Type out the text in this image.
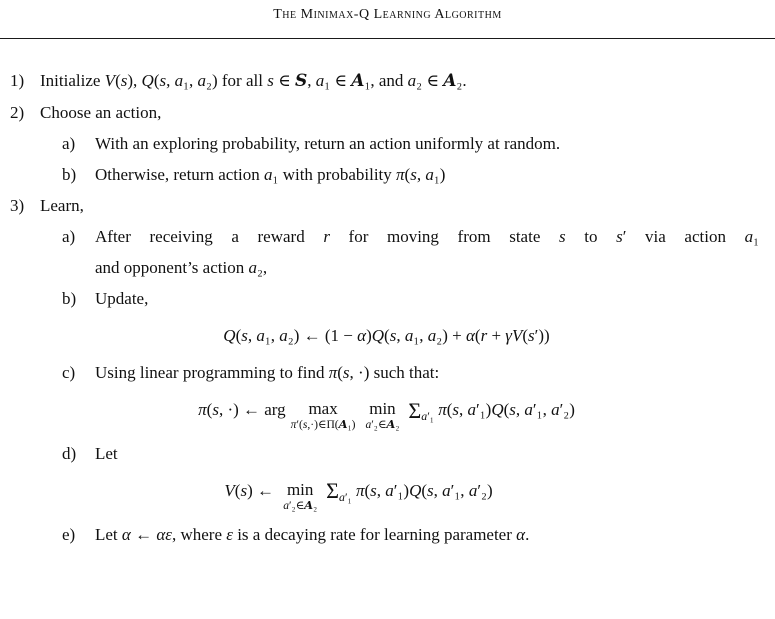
The Minimax-Q Learning Algorithm
1) Initialize V(s), Q(s, a₁, a₂) for all s ∈ S, a₁ ∈ A₁, and a₂ ∈ A₂.
2) Choose an action,
a)	With an exploring probability, return an action uniformly at random.
b)	Otherwise, return action a₁ with probability π(s, a₁)
3) Learn,
a)	After receiving a reward r for moving from state s to s′ via action a₁
and opponent’s action a₂,
b)	Update,
Q(s, a₁, a₂) ← (1 − α)Q(s, a₁, a₂) + α(r + γV(s′))
c)	Using linear programming to find π(s, ·) such that:
π(s, ·) ← arg	max
π′(s,·)∈Π(A₁)
min
a′₂∈A₂
$\Sigma_{a'_1}$ π(s, a′₁)Q(s, a′₁, a′₂)
d)	Let
V(s) ← min
a′₂∈A₂
$\Sigma_{a'_1}$ π(s, a′₁)Q(s, a′₁, a′₂)
e)	Let α ← αε, where ε is a decaying rate for learning parameter α.
